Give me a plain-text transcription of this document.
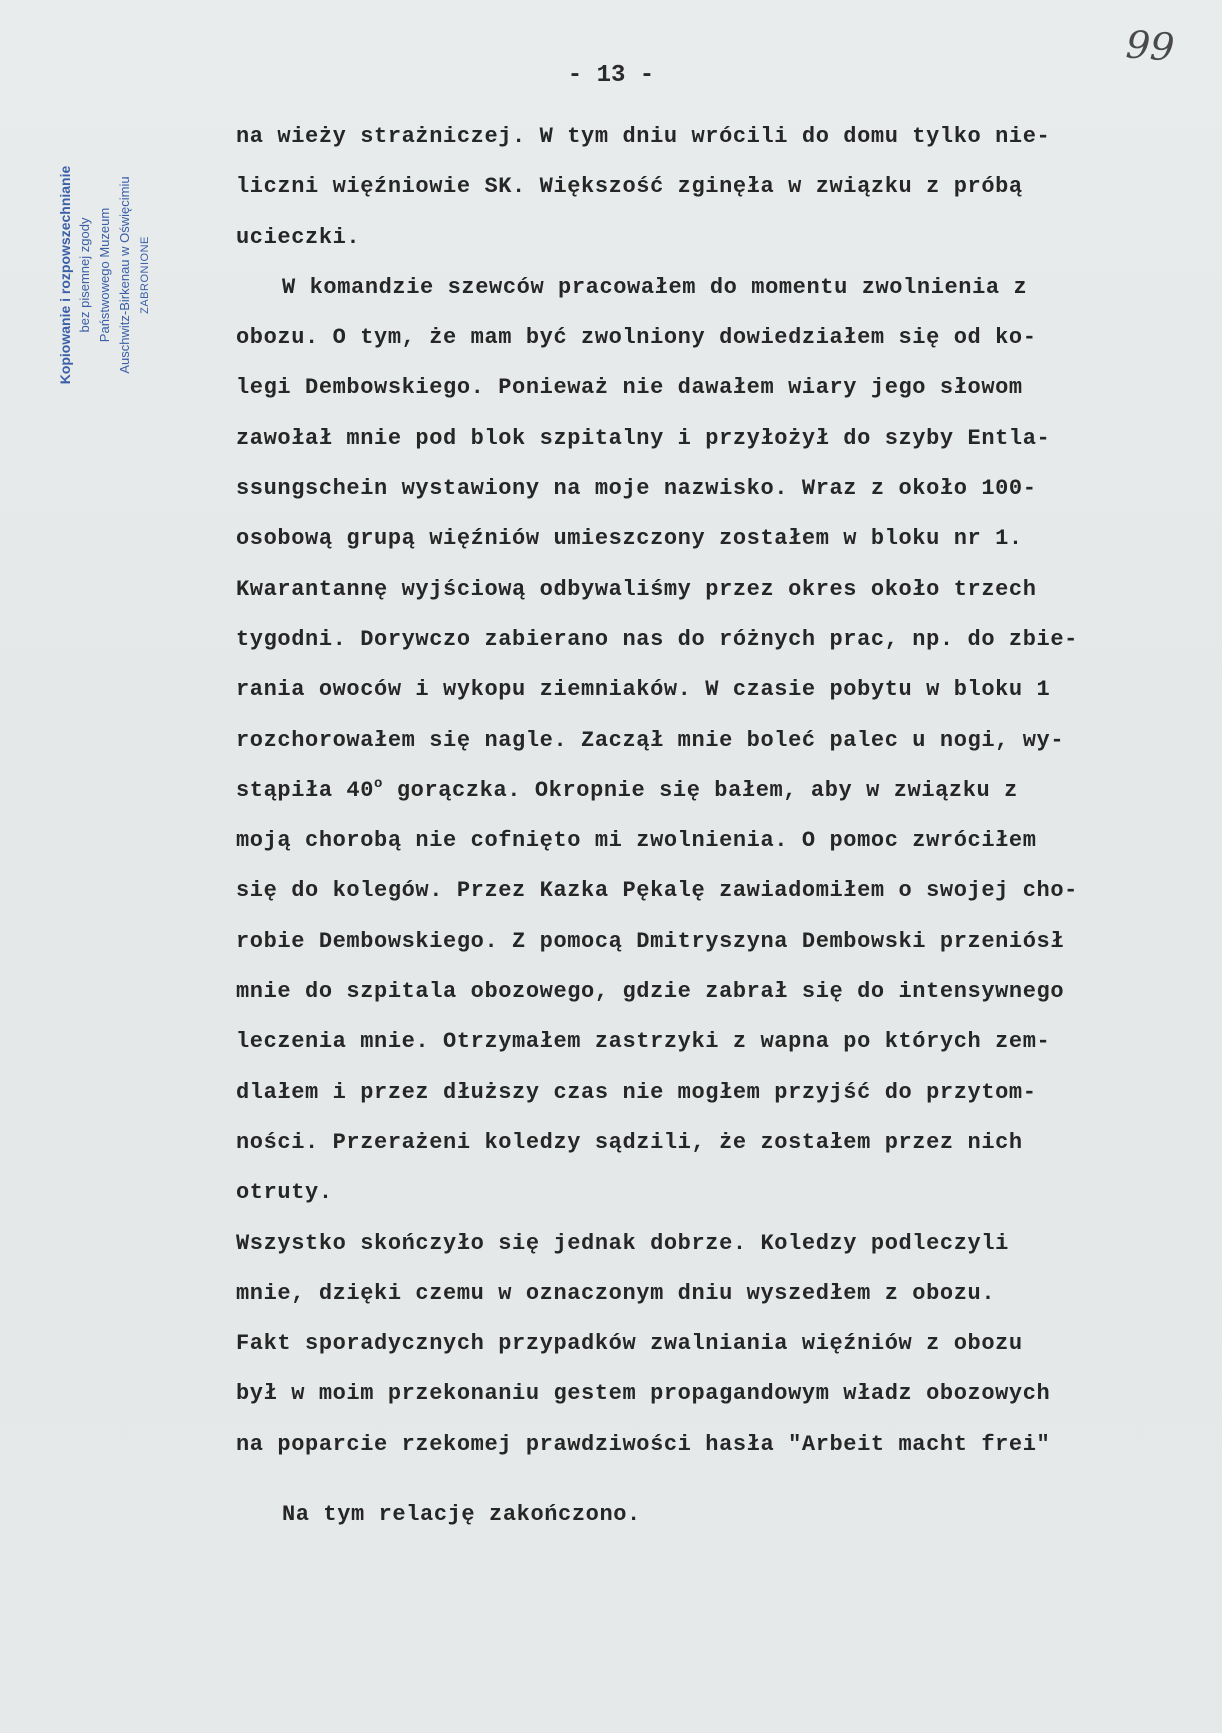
99
- 13 -
Kopiowanie i rozpowszechnianie bez pisemnej zgody Państwowego Muzeum Auschwitz-Birkenau w Oświęcimiu ZABRONIONE
na wieży strażniczej. W tym dniu wrócili do domu tylko nie-
liczni więźniowie SK. Większość zginęła w związku z próbą
ucieczki.
W komandzie szewców pracowałem do momentu zwolnienia z
obozu. O tym, że mam być zwolniony dowiedziałem się od ko-
legi Dembowskiego. Ponieważ nie dawałem wiary jego słowom
zawołał mnie pod blok szpitalny i przyłożył do szyby Entla-
ssungschein wystawiony na moje nazwisko. Wraz z około 100-
osobową grupą więźniów umieszczony zostałem w bloku nr 1.
Kwarantannę wyjściową odbywaliśmy przez okres około trzech
tygodni. Dorywczo zabierano nas do różnych prac, np. do zbie-
rania owoców i wykopu ziemniaków. W czasie pobytu w bloku 1
rozchorowałem się nagle. Zaczął mnie boleć palec u nogi, wy-
stąpiła 40$^o$ gorączka. Okropnie się bałem, aby w związku z
moją chorobą nie cofnięto mi zwolnienia. O pomoc zwróciłem
się do kolegów. Przez Kazka Pękalę zawiadomiłem o swojej cho-
robie Dembowskiego. Z pomocą Dmitryszyna Dembowski przeniósł
mnie do szpitala obozowego, gdzie zabrał się do intensywnego
leczenia mnie. Otrzymałem zastrzyki z wapna po których zem-
dlałem i przez dłuższy czas nie mogłem przyjść do przytom-
ności. Przerażeni koledzy sądzili, że zostałem przez nich
otruty.
Wszystko skończyło się jednak dobrze. Koledzy podleczyli
mnie, dzięki czemu w oznaczonym dniu wyszedłem z obozu.
Fakt sporadycznych przypadków zwalniania więźniów z obozu
był w moim przekonaniu gestem propagandowym władz obozowych
na poparcie rzekomej prawdziwości hasła "Arbeit macht frei"
Na tym relację zakończono.
